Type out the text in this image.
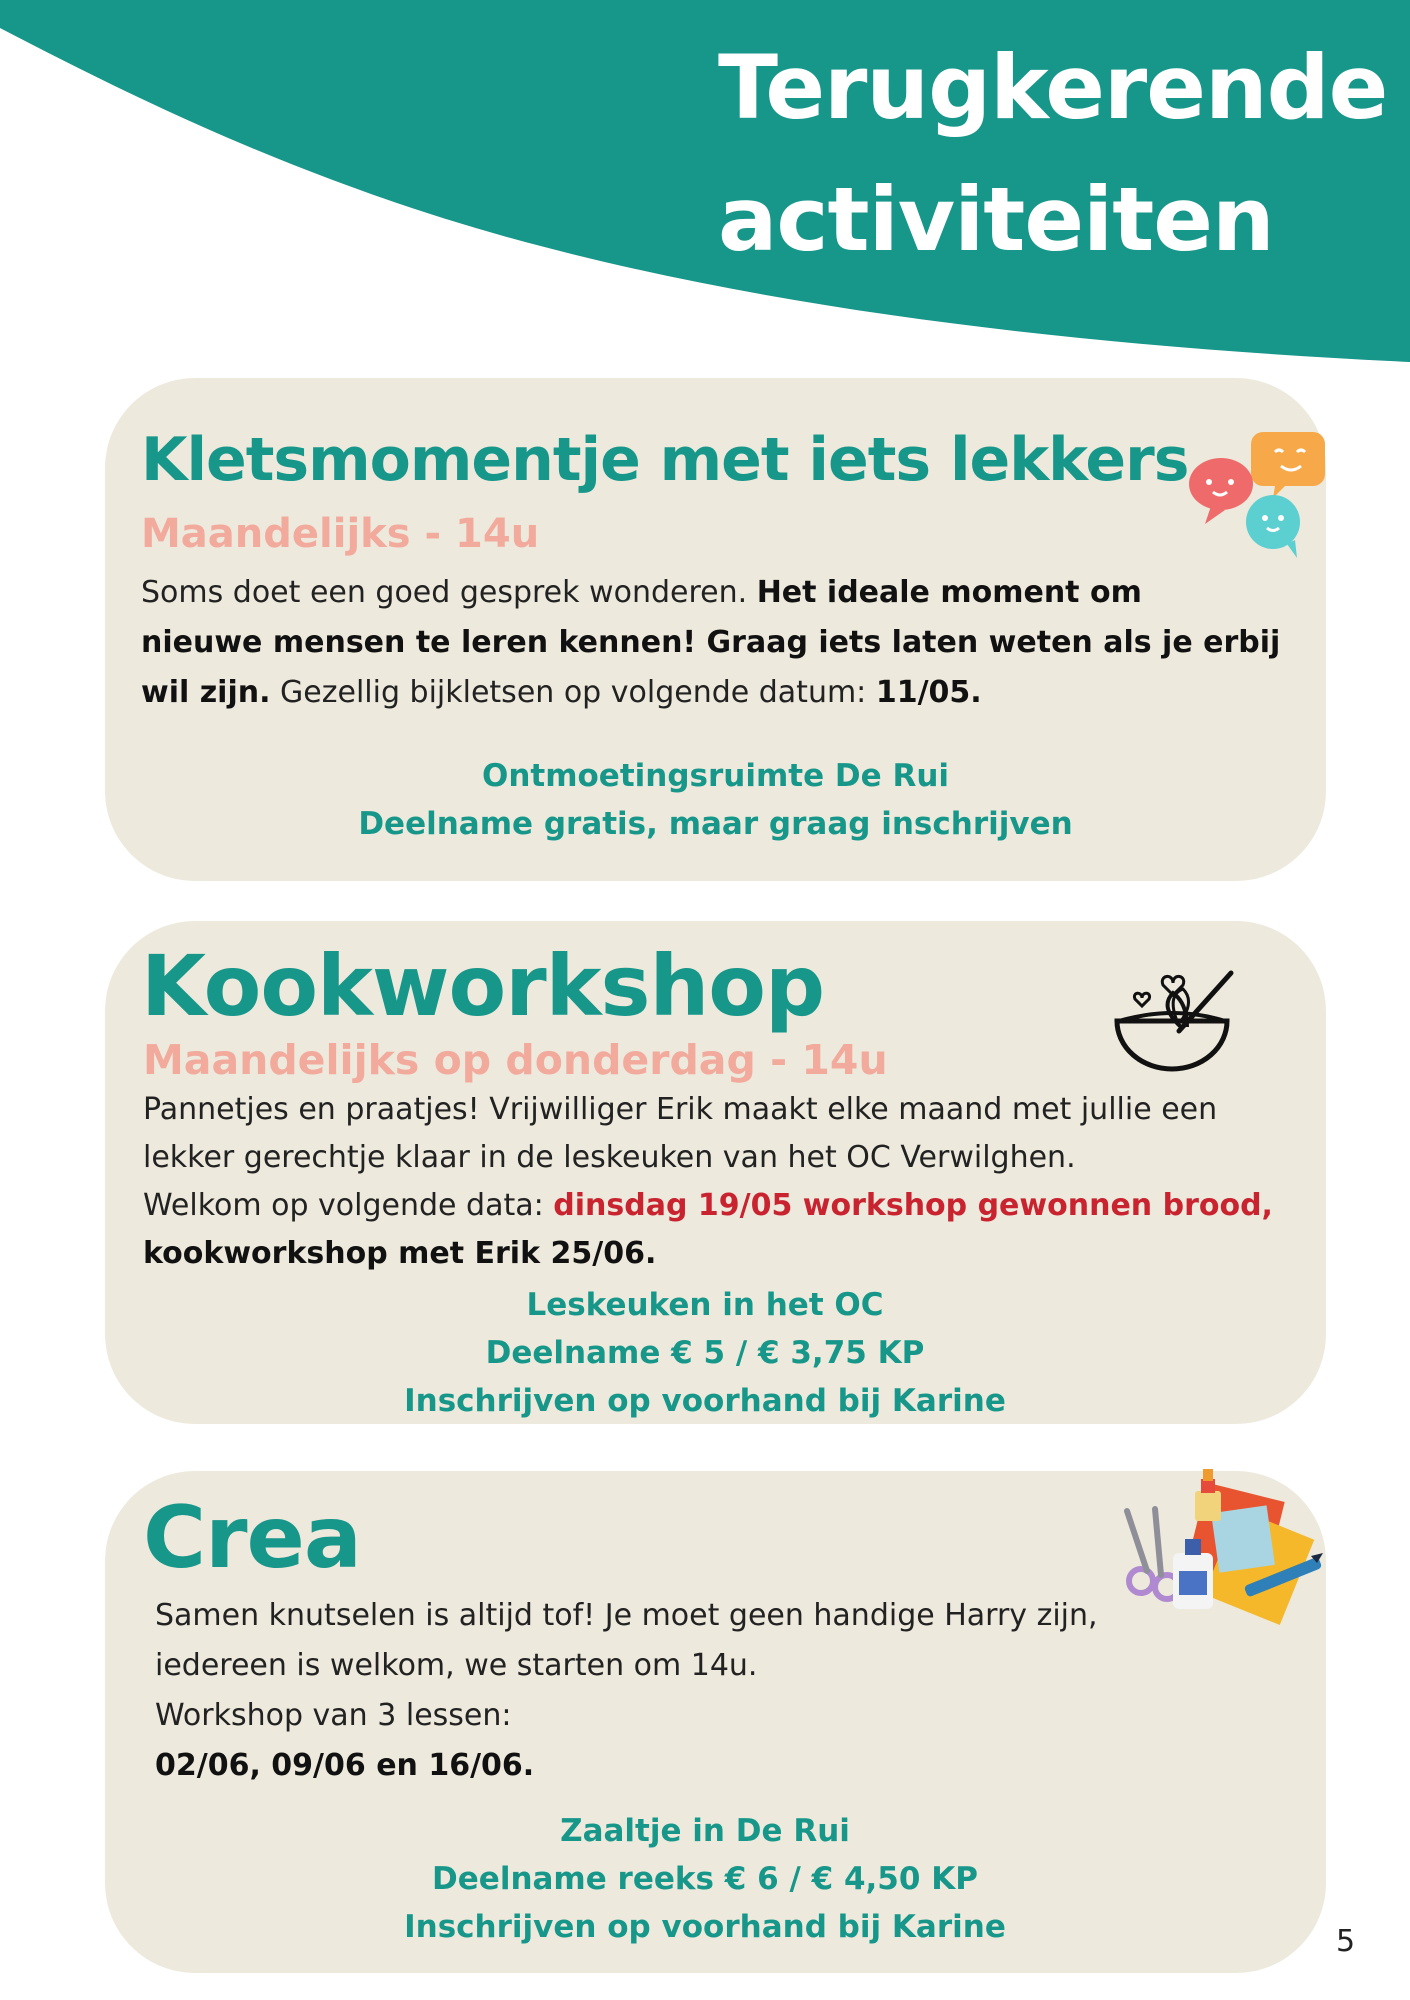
Terugkerende
activiteiten
Kletsmomentje met iets lekkers

Maandelijks - 14u

Soms doet een goed gesprek wonderen. Het ideale moment om
nieuwe mensen te leren kennen! Graag iets laten weten als je erbij
wil zijn. Gezellig bijkletsen op volgende datum: 11/05.
Ontmoetingsruimte De Rui
Deelname gratis, maar graag inschrijven
Kookworkshop

Maandelijks op donderdag - 14u

Pannetjes en praatjes! Vrijwilliger Erik maakt elke maand met jullie een
lekker gerechtje klaar in de leskeuken van het OC Verwilghen.
Welkom op volgende data: dinsdag 19/05 workshop gewonnen brood,
kookworkshop met Erik 25/06.
Leskeuken in het OC
Deelname € 5 / € 3,75 KP
Inschrijven op voorhand bij Karine
Crea
Samen knutselen is altijd tof! Je moet geen handige Harry zijn,
iedereen is welkom, we starten om 14u.
Workshop van 3 lessen:
02/06, 09/06 en 16/06.
Zaaltje in De Rui
Deelname reeks € 6 / € 4,50 KP
Inschrijven op voorhand bij Karine	5
